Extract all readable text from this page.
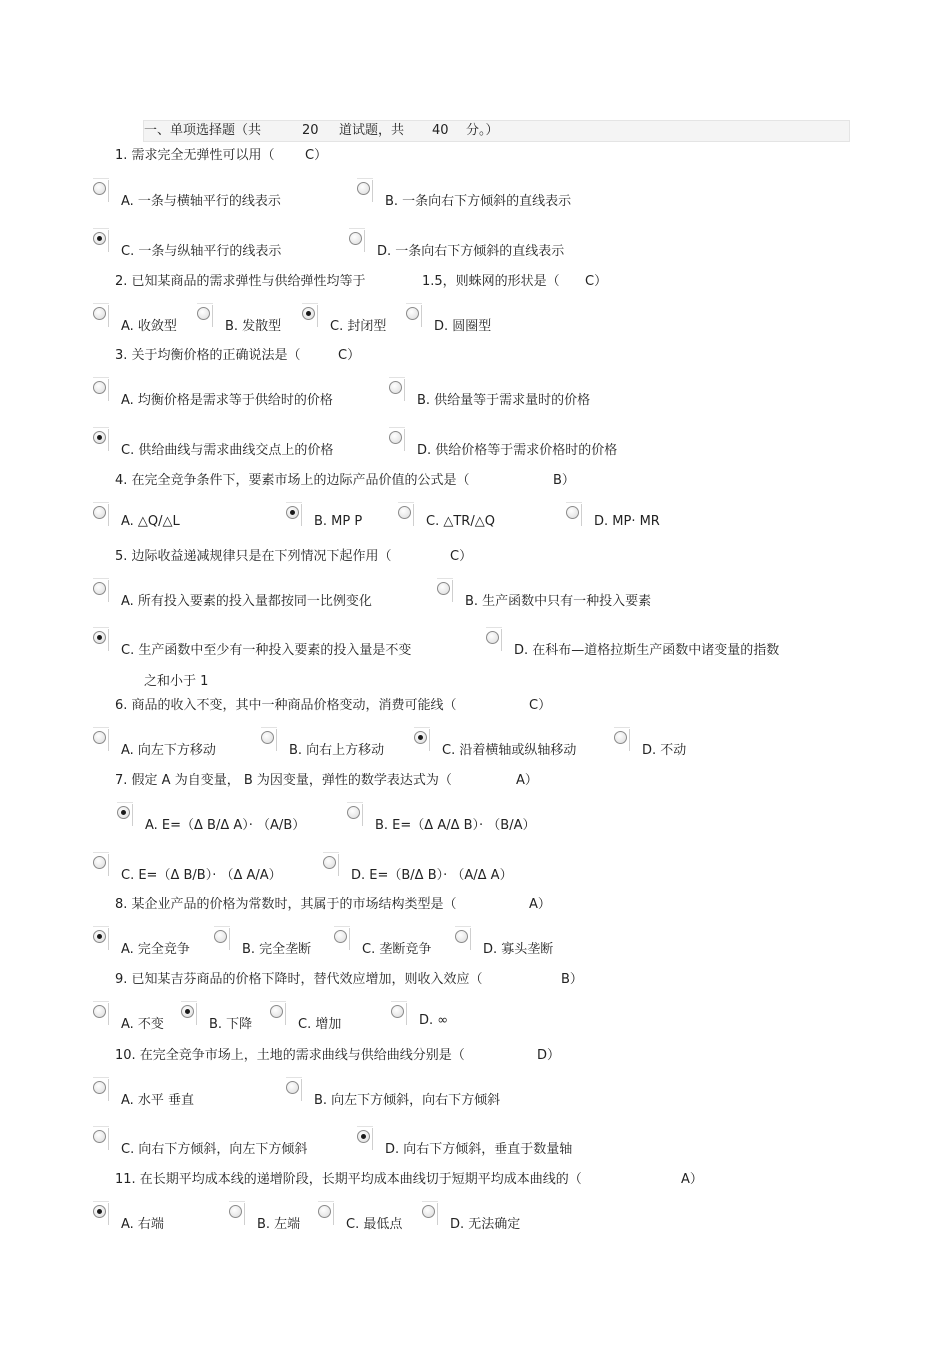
一、单项选择题（共	20 道试题，共 40 分。）
1. 需求完全无弹性可以用（ C）
A. 一条与横轴平行的线表示	B. 一条向右下方倾斜的直线表示
C. 一条与纵轴平行的线表示	D. 一条向右下方倾斜的直线表示
2. 已知某商品的需求弹性与供给弹性均等于	1.5，则蛛网的形状是（ C）
A. 收敛型	B. 发散型	C. 封闭型	D. 圆圈型
3. 关于均衡价格的正确说法是（	C）
A. 均衡价格是需求等于供给时的价格	B. 供给量等于需求量时的价格
C. 供给曲线与需求曲线交点上的价格	D. 供给价格等于需求价格时的价格
4. 在完全竞争条件下，要素市场上的边际产品价值的公式是（	B）
A. △Q/△L	B. MP P	C. △TR/△Q	D. MP· MR
5. 边际收益递减规律只是在下列情况下起作用（	C）
A. 所有投入要素的投入量都按同一比例变化	B. 生产函数中只有一种投入要素
C. 生产函数中至少有一种投入要素的投入量是不变	D. 在科布—道格拉斯生产函数中诸变量的指数
之和小于 1
6. 商品的收入不变，其中一种商品价格变动，消费可能线（	C）
A. 向左下方移动	B. 向右上方移动	C. 沿着横轴或纵轴移动	D. 不动
7. 假定 A 为自变量， B 为因变量，弹性的数学表达式为（	A）
A. E=（Δ B/Δ A）· （A/B）	B. E=（Δ A/Δ B）· （B/A）
C. E=（Δ B/B）· （Δ A/A）	D. E=（B/Δ B）· （A/Δ A）
8. 某企业产品的价格为常数时，其属于的市场结构类型是（	A）
A. 完全竞争	B. 完全垄断	C. 垄断竞争	D. 寡头垄断
9. 已知某吉芬商品的价格下降时，替代效应增加，则收入效应（	B）
A. 不变	B. 下降	C. 增加	D. ∞
10. 在完全竞争市场上，土地的需求曲线与供给曲线分别是（	D）
A. 水平 垂直	B. 向左下方倾斜，向右下方倾斜
C. 向右下方倾斜，向左下方倾斜	D. 向右下方倾斜，垂直于数量轴
11. 在长期平均成本线的递增阶段，长期平均成本曲线切于短期平均成本曲线的（	A）
A. 右端	B. 左端	C. 最低点	D. 无法确定
